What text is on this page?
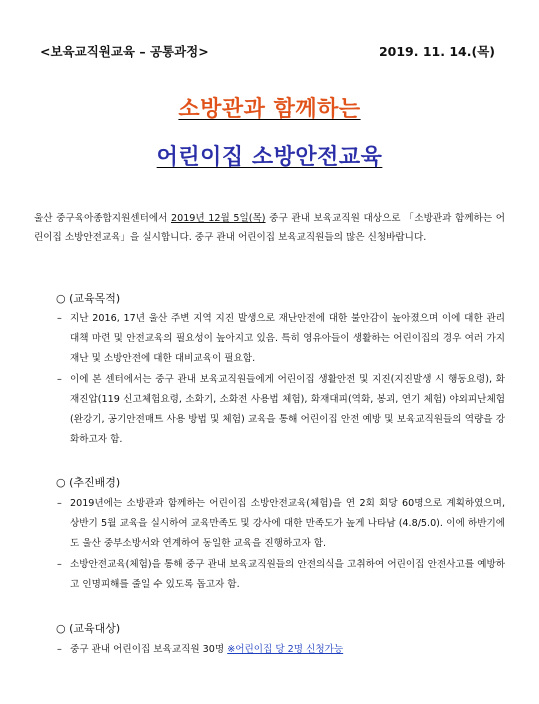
<보육교직원교육 – 공통과정>	2019. 11. 14.(목)
소방관과 함께하는
어린이집 소방안전교육
울산 중구육아종합지원센터에서 2019년 12월 5일(목) 중구 관내 보육교직원 대상으로 「소방관과 함께하는 어린이집 소방안전교육」을 실시합니다. 중구 관내 어린이집 보육교직원들의 많은 신청바랍니다.
○ (교육목적)
– 지난 2016, 17년 울산 주변 지역 지진 발생으로 재난안전에 대한 불안감이 높아졌으며 이에 대한 관리 대책 마련 및 안전교육의 필요성이 높아지고 있음. 특히 영유아들이 생활하는 어린이집의 경우 여러 가지 재난 및 소방안전에 대한 대비교육이 필요함.
– 이에 본 센터에서는 중구 관내 보육교직원들에게 어린이집 생활안전 및 지진(지진발생 시 행동요령), 화재진압(119 신고체험요령, 소화기, 소화전 사용법 체험), 화재대피(역화, 봉괴, 연기 체험) 야외피난체험(완강기, 공기안전매트 사용 방법 및 체험) 교육을 통해 어린이집 안전 예방 및 보육교직원들의 역량을 강화하고자 함.
○ (추진배경)
– 2019년에는 소방관과 함께하는 어린이집 소방안전교육(체험)을 연 2회 회당 60명으로 계획하였으며, 상반기 5월 교육을 실시하여 교육만족도 및 강사에 대한 만족도가 높게 나타남 (4.8/5.0). 이에 하반기에도 울산 중부소방서와 연계하여 동일한 교육을 진행하고자 함.
– 소방안전교육(체험)을 통해 중구 관내 보육교직원들의 안전의식을 고취하여 어린이집 안전사고를 예방하고 인명피해를 줄일 수 있도록 돕고자 함.
○ (교육대상)
– 중구 관내 어린이집 보육교직원 30명 ※어린이집 당 2명 신청가능
